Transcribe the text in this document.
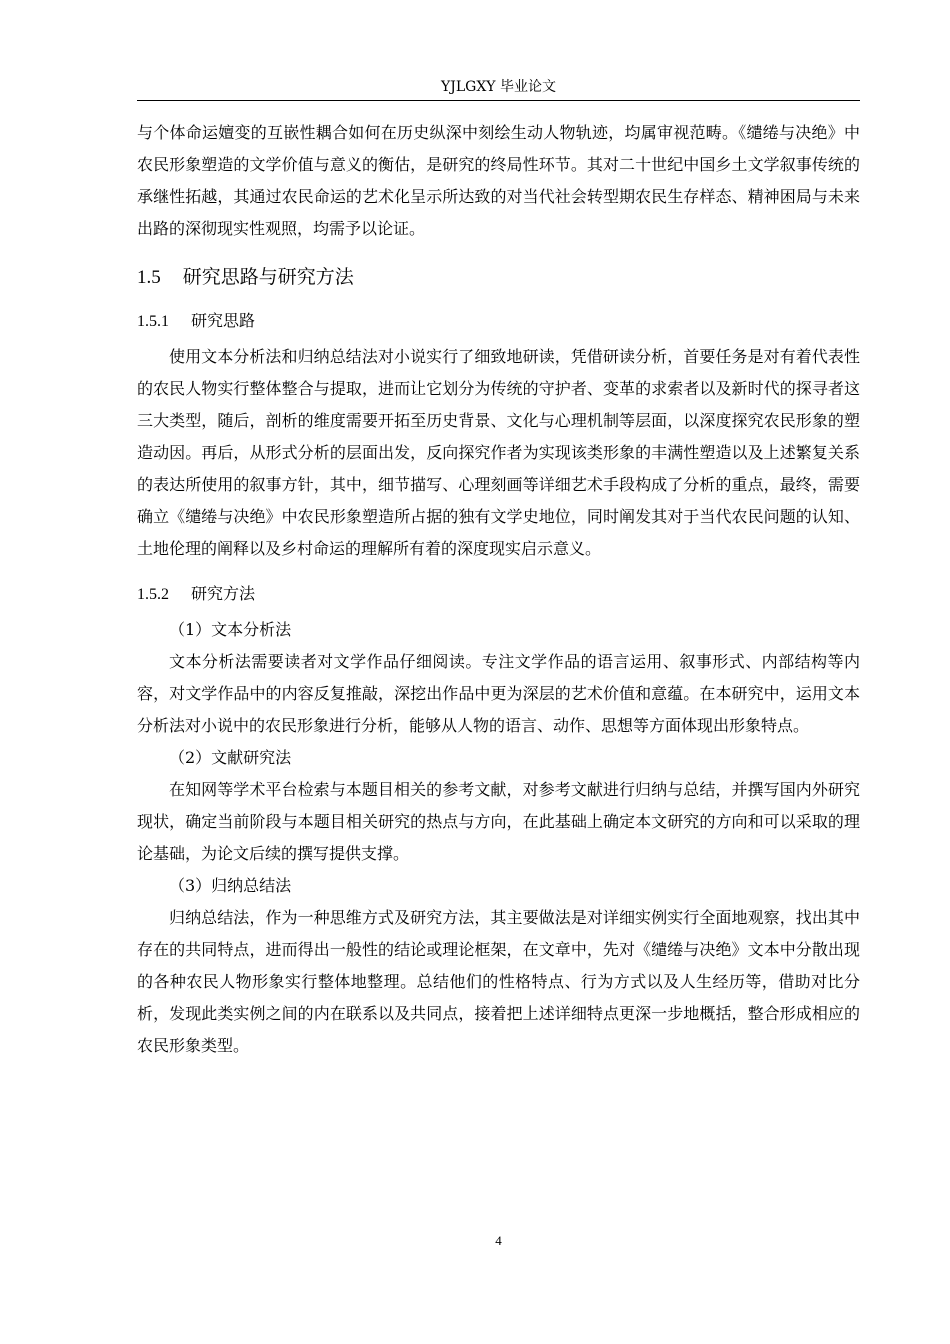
YJLGXY 毕业论文

与个体命运嬗变的互嵌性耦合如何在历史纵深中刻绘生动人物轨迹，均属审视范畴。《缱绻与决绝》中农民形象塑造的文学价值与意义的衡估，是研究的终局性环节。其对二十世纪中国乡土文学叙事传统的承继性拓越，其通过农民命运的艺术化呈示所达致的对当代社会转型期农民生存样态、精神困局与未来出路的深彻现实性观照，均需予以论证。

1.5 研究思路与研究方法
1.5.1 研究思路

使用文本分析法和归纳总结法对小说实行了细致地研读，凭借研读分析，首要任务是对有着代表性的农民人物实行整体整合与提取，进而让它划分为传统的守护者、变革的求索者以及新时代的探寻者这三大类型，随后，剖析的维度需要开拓至历史背景、文化与心理机制等层面，以深度探究农民形象的塑造动因。再后，从形式分析的层面出发，反向探究作者为实现该类形象的丰满性塑造以及上述繁复关系的表达所使用的叙事方针，其中，细节描写、心理刻画等详细艺术手段构成了分析的重点，最终，需要确立《缱绻与决绝》中农民形象塑造所占据的独有文学史地位，同时阐发其对于当代农民问题的认知、土地伦理的阐释以及乡村命运的理解所有着的深度现实启示意义。

1.5.2 研究方法
（1）文本分析法

文本分析法需要读者对文学作品仔细阅读。专注文学作品的语言运用、叙事形式、内部结构等内容，对文学作品中的内容反复推敲，深挖出作品中更为深层的艺术价值和意蕴。在本研究中，运用文本分析法对小说中的农民形象进行分析，能够从人物的语言、动作、思想等方面体现出形象特点。

（2）文献研究法

在知网等学术平台检索与本题目相关的参考文献，对参考文献进行归纳与总结，并撰写国内外研究现状，确定当前阶段与本题目相关研究的热点与方向，在此基础上确定本文研究的方向和可以采取的理论基础，为论文后续的撰写提供支撑。

（3）归纳总结法

归纳总结法，作为一种思维方式及研究方法，其主要做法是对详细实例实行全面地观察，找出其中存在的共同特点，进而得出一般性的结论或理论框架，在文章中，先对《缱绻与决绝》文本中分散出现的各种农民人物形象实行整体地整理。总结他们的性格特点、行为方式以及人生经历等，借助对比分析，发现此类实例之间的内在联系以及共同点，接着把上述详细特点更深一步地概括，整合形成相应的农民形象类型。

4
